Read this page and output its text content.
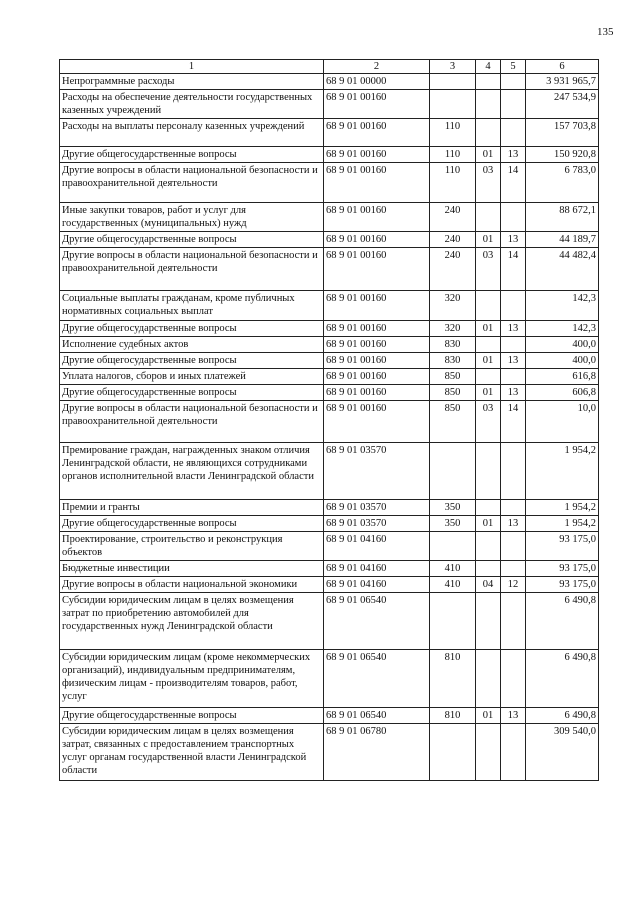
135
1	2	3	4	5	6
Непрограммные расходы	68 9 01 00000				3 931 965,7
Расходы на обеспечение деятельности государственных казенных учреждений	68 9 01 00160				247 534,9
Расходы на выплаты персоналу казенных учреждений	68 9 01 00160	110			157 703,8
Другие общегосударственные вопросы	68 9 01 00160	110	01	13	150 920,8
Другие вопросы в области национальной безопасности и правоохранительной деятельности	68 9 01 00160	110	03	14	6 783,0
Иные закупки товаров, работ и услуг для государственных (муниципальных) нужд	68 9 01 00160	240			88 672,1
Другие общегосударственные вопросы	68 9 01 00160	240	01	13	44 189,7
Другие вопросы в области национальной безопасности и правоохранительной деятельности	68 9 01 00160	240	03	14	44 482,4
Социальные выплаты гражданам, кроме публичных нормативных социальных выплат	68 9 01 00160	320			142,3
Другие общегосударственные вопросы	68 9 01 00160	320	01	13	142,3
Исполнение судебных актов	68 9 01 00160	830			400,0
Другие общегосударственные вопросы	68 9 01 00160	830	01	13	400,0
Уплата налогов, сборов и иных платежей	68 9 01 00160	850			616,8
Другие общегосударственные вопросы	68 9 01 00160	850	01	13	606,8
Другие вопросы в области национальной безопасности и правоохранительной деятельности	68 9 01 00160	850	03	14	10,0
Премирование граждан, награжденных знаком отличия Ленинградской области, не являющихся сотрудниками органов исполнительной власти Ленинградской области	68 9 01 03570				1 954,2
Премии и гранты	68 9 01 03570	350			1 954,2
Другие общегосударственные вопросы	68 9 01 03570	350	01	13	1 954,2
Проектирование, строительство и реконструкция объектов	68 9 01 04160				93 175,0
Бюджетные инвестиции	68 9 01 04160	410			93 175,0
Другие вопросы в области национальной экономики	68 9 01 04160	410	04	12	93 175,0
Субсидии юридическим лицам в целях возмещения затрат по приобретению автомобилей для государственных нужд Ленинградской области	68 9 01 06540				6 490,8
Субсидии юридическим лицам (кроме некоммерческих организаций), индивидуальным предпринимателям, физическим лицам - производителям товаров, работ, услуг	68 9 01 06540	810			6 490,8
Другие общегосударственные вопросы	68 9 01 06540	810	01	13	6 490,8
Субсидии юридическим лицам в целях возмещения затрат, связанных с предоставлением транспортных услуг органам государственной власти Ленинградской области	68 9 01 06780				309 540,0
